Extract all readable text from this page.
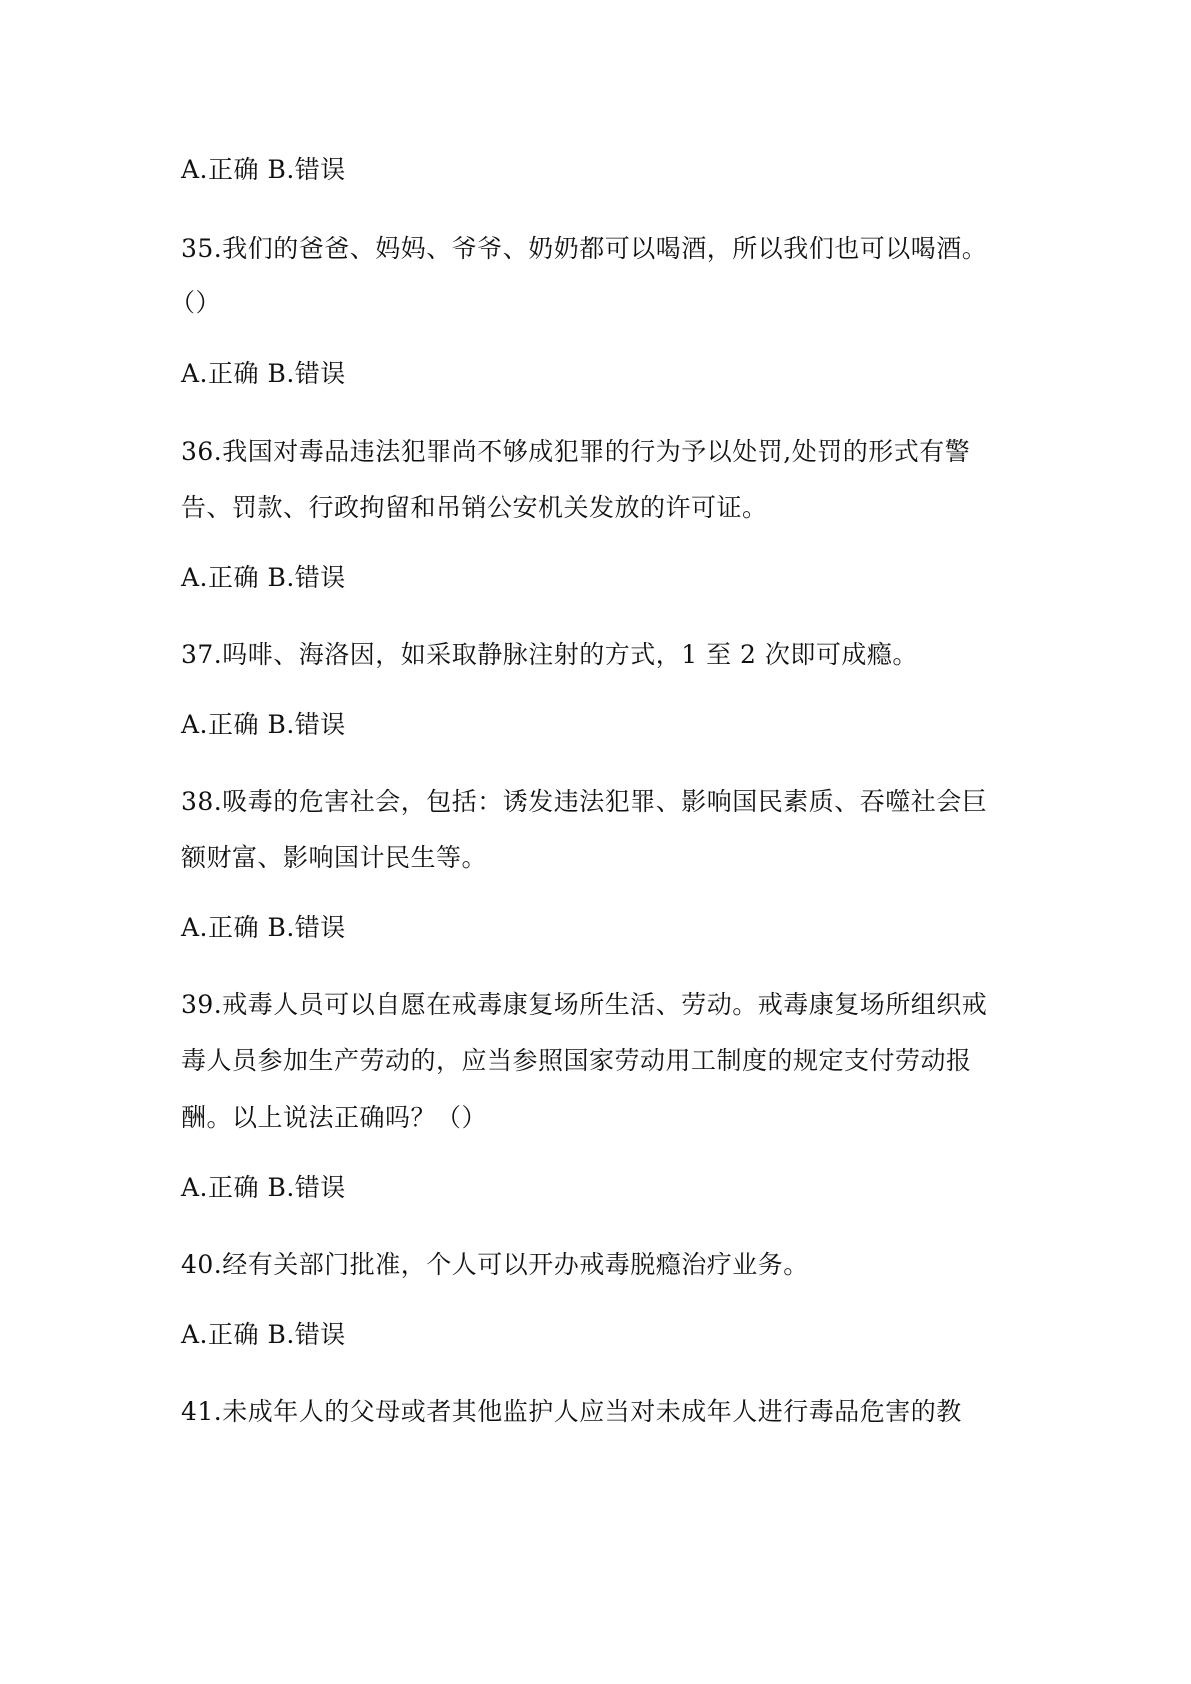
A.正确 B.错误
35.我们的爸爸、妈妈、爷爷、奶奶都可以喝酒，所以我们也可以喝酒。
（）
A.正确 B.错误
36.我国对毒品违法犯罪尚不够成犯罪的行为予以处罚,处罚的形式有警
告、罚款、行政拘留和吊销公安机关发放的许可证。
A.正确 B.错误
37.吗啡、海洛因，如采取静脉注射的方式，1 至 2 次即可成瘾。
A.正确 B.错误
38.吸毒的危害社会，包括：诱发违法犯罪、影响国民素质、吞噬社会巨
额财富、影响国计民生等。
A.正确 B.错误
39.戒毒人员可以自愿在戒毒康复场所生活、劳动。戒毒康复场所组织戒
毒人员参加生产劳动的，应当参照国家劳动用工制度的规定支付劳动报
酬。以上说法正确吗？（）
A.正确 B.错误
40.经有关部门批准，个人可以开办戒毒脱瘾治疗业务。
A.正确 B.错误
41.未成年人的父母或者其他监护人应当对未成年人进行毒品危害的教
